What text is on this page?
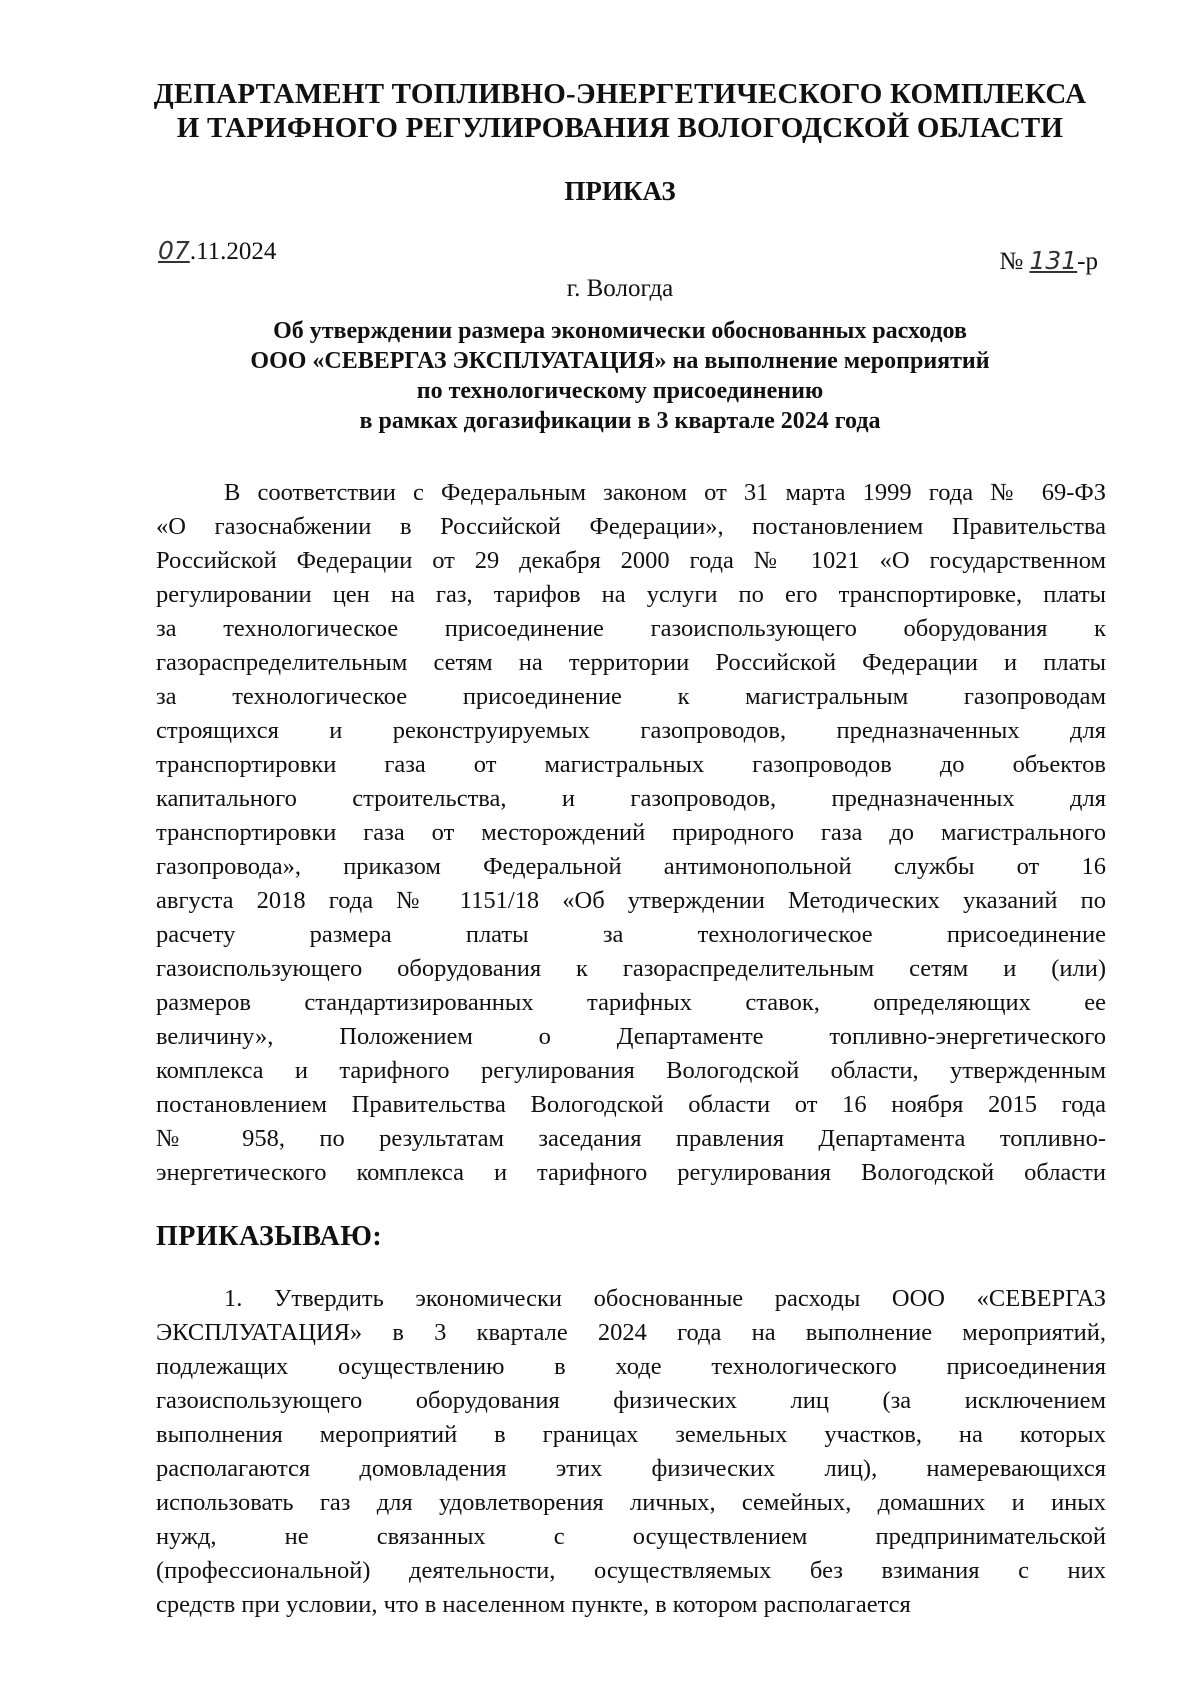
ДЕПАРТАМЕНТ ТОПЛИВНО-ЭНЕРГЕТИЧЕСКОГО КОМПЛЕКСА
И ТАРИФНОГО РЕГУЛИРОВАНИЯ ВОЛОГОДСКОЙ ОБЛАСТИ
ПРИКАЗ
07.11.2024	№ 131-р
г. Вологда
Об утверждении размера экономически обоснованных расходов
ООО «СЕВЕРГАЗ ЭКСПЛУАТАЦИЯ» на выполнение мероприятий
по технологическому присоединению
в рамках догазификации в 3 квартале 2024 года
В соответствии с Федеральным законом от 31 марта 1999 года № 69-ФЗ
«О газоснабжении в Российской Федерации», постановлением Правительства
Российской Федерации от 29 декабря 2000 года № 1021 «О государственном
регулировании цен на газ, тарифов на услуги по его транспортировке, платы
за технологическое присоединение газоиспользующего оборудования к
газораспределительным сетям на территории Российской Федерации и платы
за технологическое присоединение к магистральным газопроводам
строящихся и реконструируемых газопроводов, предназначенных для
транспортировки газа от магистральных газопроводов до объектов
капитального строительства, и газопроводов, предназначенных для
транспортировки газа от месторождений природного газа до магистрального
газопровода», приказом Федеральной антимонопольной службы от 16
августа 2018 года № 1151/18 «Об утверждении Методических указаний по
расчету размера платы за технологическое присоединение
газоиспользующего оборудования к газораспределительным сетям и (или)
размеров стандартизированных тарифных ставок, определяющих ее
величину», Положением о Департаменте топливно-энергетического
комплекса и тарифного регулирования Вологодской области, утвержденным
постановлением Правительства Вологодской области от 16 ноября 2015 года
№ 958, по результатам заседания правления Департамента топливно-
энергетического комплекса и тарифного регулирования Вологодской области
ПРИКАЗЫВАЮ:
1. Утвердить экономически обоснованные расходы ООО «СЕВЕРГАЗ
ЭКСПЛУАТАЦИЯ» в 3 квартале 2024 года на выполнение мероприятий,
подлежащих осуществлению в ходе технологического присоединения
газоиспользующего оборудования физических лиц (за исключением
выполнения мероприятий в границах земельных участков, на которых
располагаются домовладения этих физических лиц), намеревающихся
использовать газ для удовлетворения личных, семейных, домашних и иных
нужд, не связанных с осуществлением предпринимательской
(профессиональной) деятельности, осуществляемых без взимания с них
средств при условии, что в населенном пункте, в котором располагается
